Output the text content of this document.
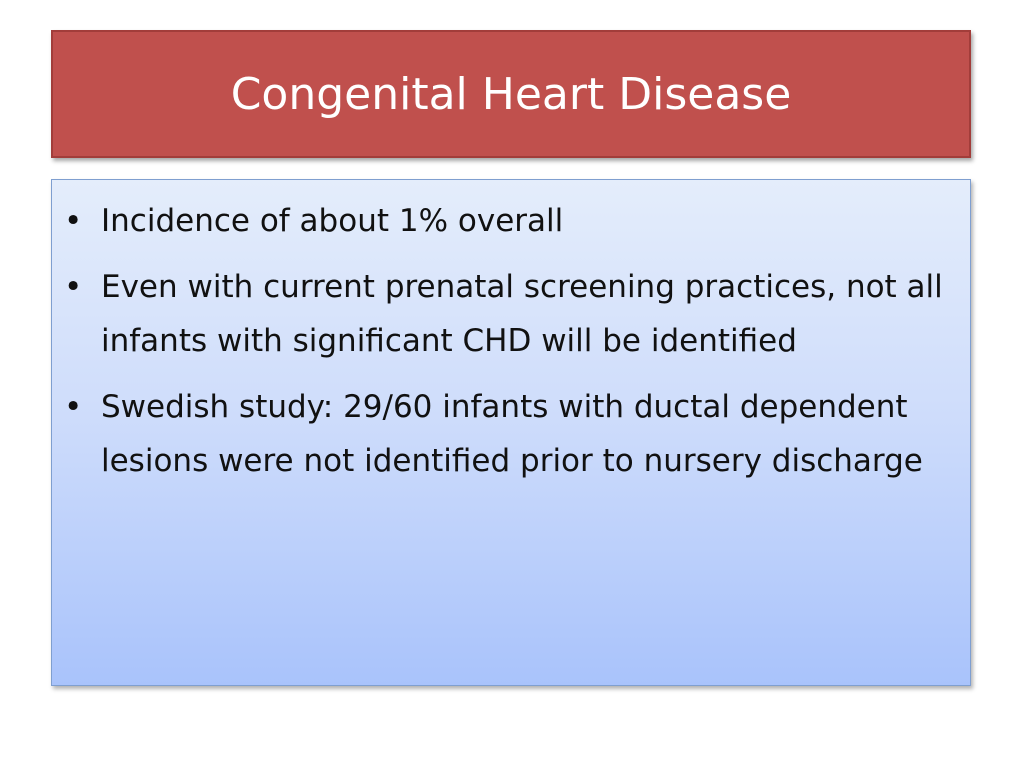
Congenital Heart Disease
• Incidence of about 1% overall
• Even with current prenatal screening practices, not all infants with significant CHD will be identified
• Swedish study: 29/60 infants with ductal dependent lesions were not identified prior to nursery discharge
